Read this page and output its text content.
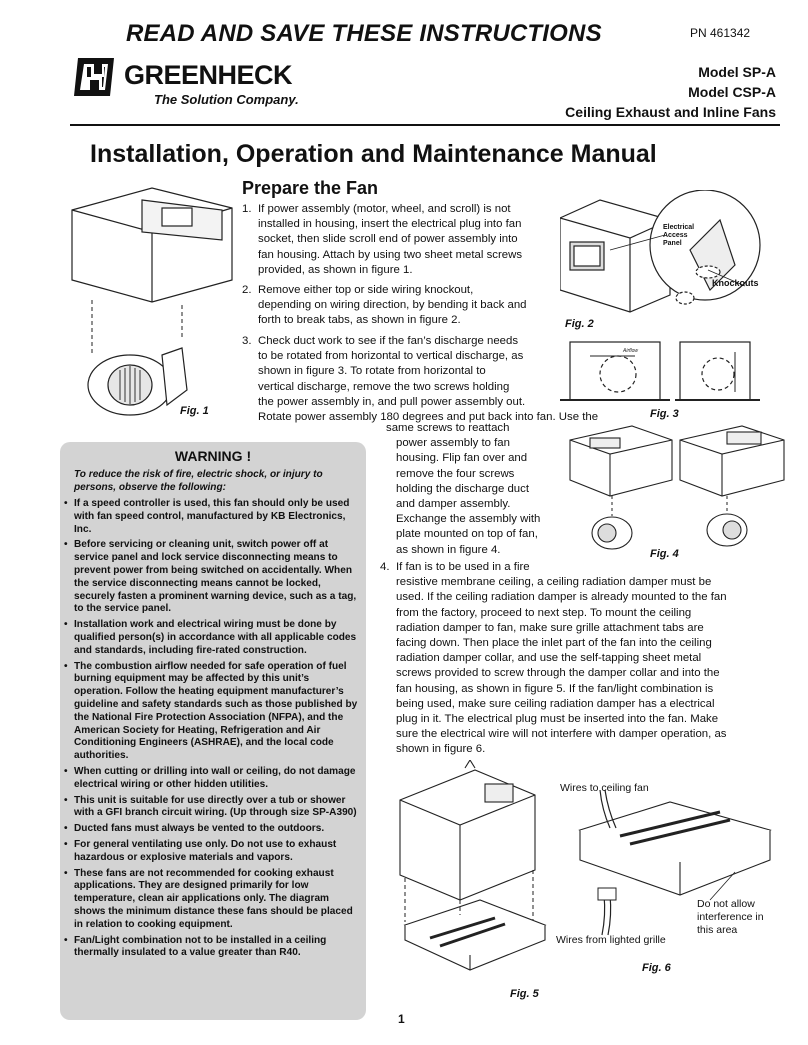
READ AND SAVE THESE INSTRUCTIONS	PN 461342
GREENHECK
The Solution Company.
Model SP-A
Model CSP-A
Ceiling Exhaust and Inline Fans
Installation, Operation and Maintenance Manual
Prepare the Fan
1. If power assembly (motor, wheel, and scroll) is not
installed in housing, insert the electrical plug into fan
socket, then slide scroll end of power assembly into
fan housing. Attach by using two sheet metal screws
provided, as shown in figure 1.
2. Remove either top or side wiring knockout,
depending on wiring direction, by bending it back and
forth to break tabs, as shown in figure 2.
3. Check duct work to see if the fan’s discharge needs
to be rotated from horizontal to vertical discharge, as
shown in figure 3. To rotate from horizontal to
vertical discharge, remove the two screws holding
the power assembly in, and pull power assembly out.
Rotate power assembly 180 degrees and put back into fan. Use the
same screws to reattach
power assembly to fan
housing. Flip fan over and
remove the four screws
holding the discharge duct
and damper assembly.
Exchange the assembly with
plate mounted on top of fan,
as shown in figure 4.
4. If fan is to be used in a fire
resistive membrane ceiling, a ceiling radiation damper must be
used. If the ceiling radiation damper is already mounted to the fan
from the factory, proceed to next step. To mount the ceiling
radiation damper to fan, make sure grille attachment tabs are
facing down. Then place the inlet part of the fan into the ceiling
radiation damper collar, and use the self-tapping sheet metal
screws provided to screw through the damper collar and into the
fan housing, as shown in figure 5. If the fan/light combination is
being used, make sure ceiling radiation damper has a electrical
plug in it. The electrical plug must be inserted into the fan. Make
sure the electrical wire will not interfere with damper operation, as
shown in figure 6.
Fig. 1
Electrical
Access
Panel
Knockouts
Fig. 2
Airflow
Fig. 3
Fig. 4
Fig. 5
Wires to ceiling fan
Wires from lighted grille
Do not allow
interference in
this area
Fig. 6
WARNING !
To reduce the risk of fire, electric shock, or injury to persons, observe the following:
• If a speed controller is used, this fan should only be used with fan speed control, manufactured by KB Electronics, Inc.
• Before servicing or cleaning unit, switch power off at service panel and lock service disconnecting means to prevent power from being switched on accidentally. When the service disconnecting means cannot be locked, securely fasten a prominent warning device, such as a tag, to the service panel.
• Installation work and electrical wiring must be done by qualified person(s) in accordance with all applicable codes and standards, including fire-rated construction.
• The combustion airflow needed for safe operation of fuel burning equipment may be affected by this unit’s operation. Follow the heating equipment manufacturer’s guideline and safety standards such as those published by the National Fire Protection Association (NFPA), and the American Society for Heating, Refrigeration and Air Conditioning Engineers (ASHRAE), and the local code authorities.
• When cutting or drilling into wall or ceiling, do not damage electrical wiring or other hidden utilities.
• This unit is suitable for use directly over a tub or shower with a GFI branch circuit wiring. (Up through size SP-A390)
• Ducted fans must always be vented to the outdoors.
• For general ventilating use only. Do not use to exhaust hazardous or explosive materials and vapors.
• These fans are not recommended for cooking exhaust applications. They are designed primarily for low temperature, clean air applications only. The diagram shows the minimum distance these fans should be placed in relation to cooking equipment.
• Fan/Light combination not to be installed in a ceiling thermally insulated to a value greater than R40.
1
